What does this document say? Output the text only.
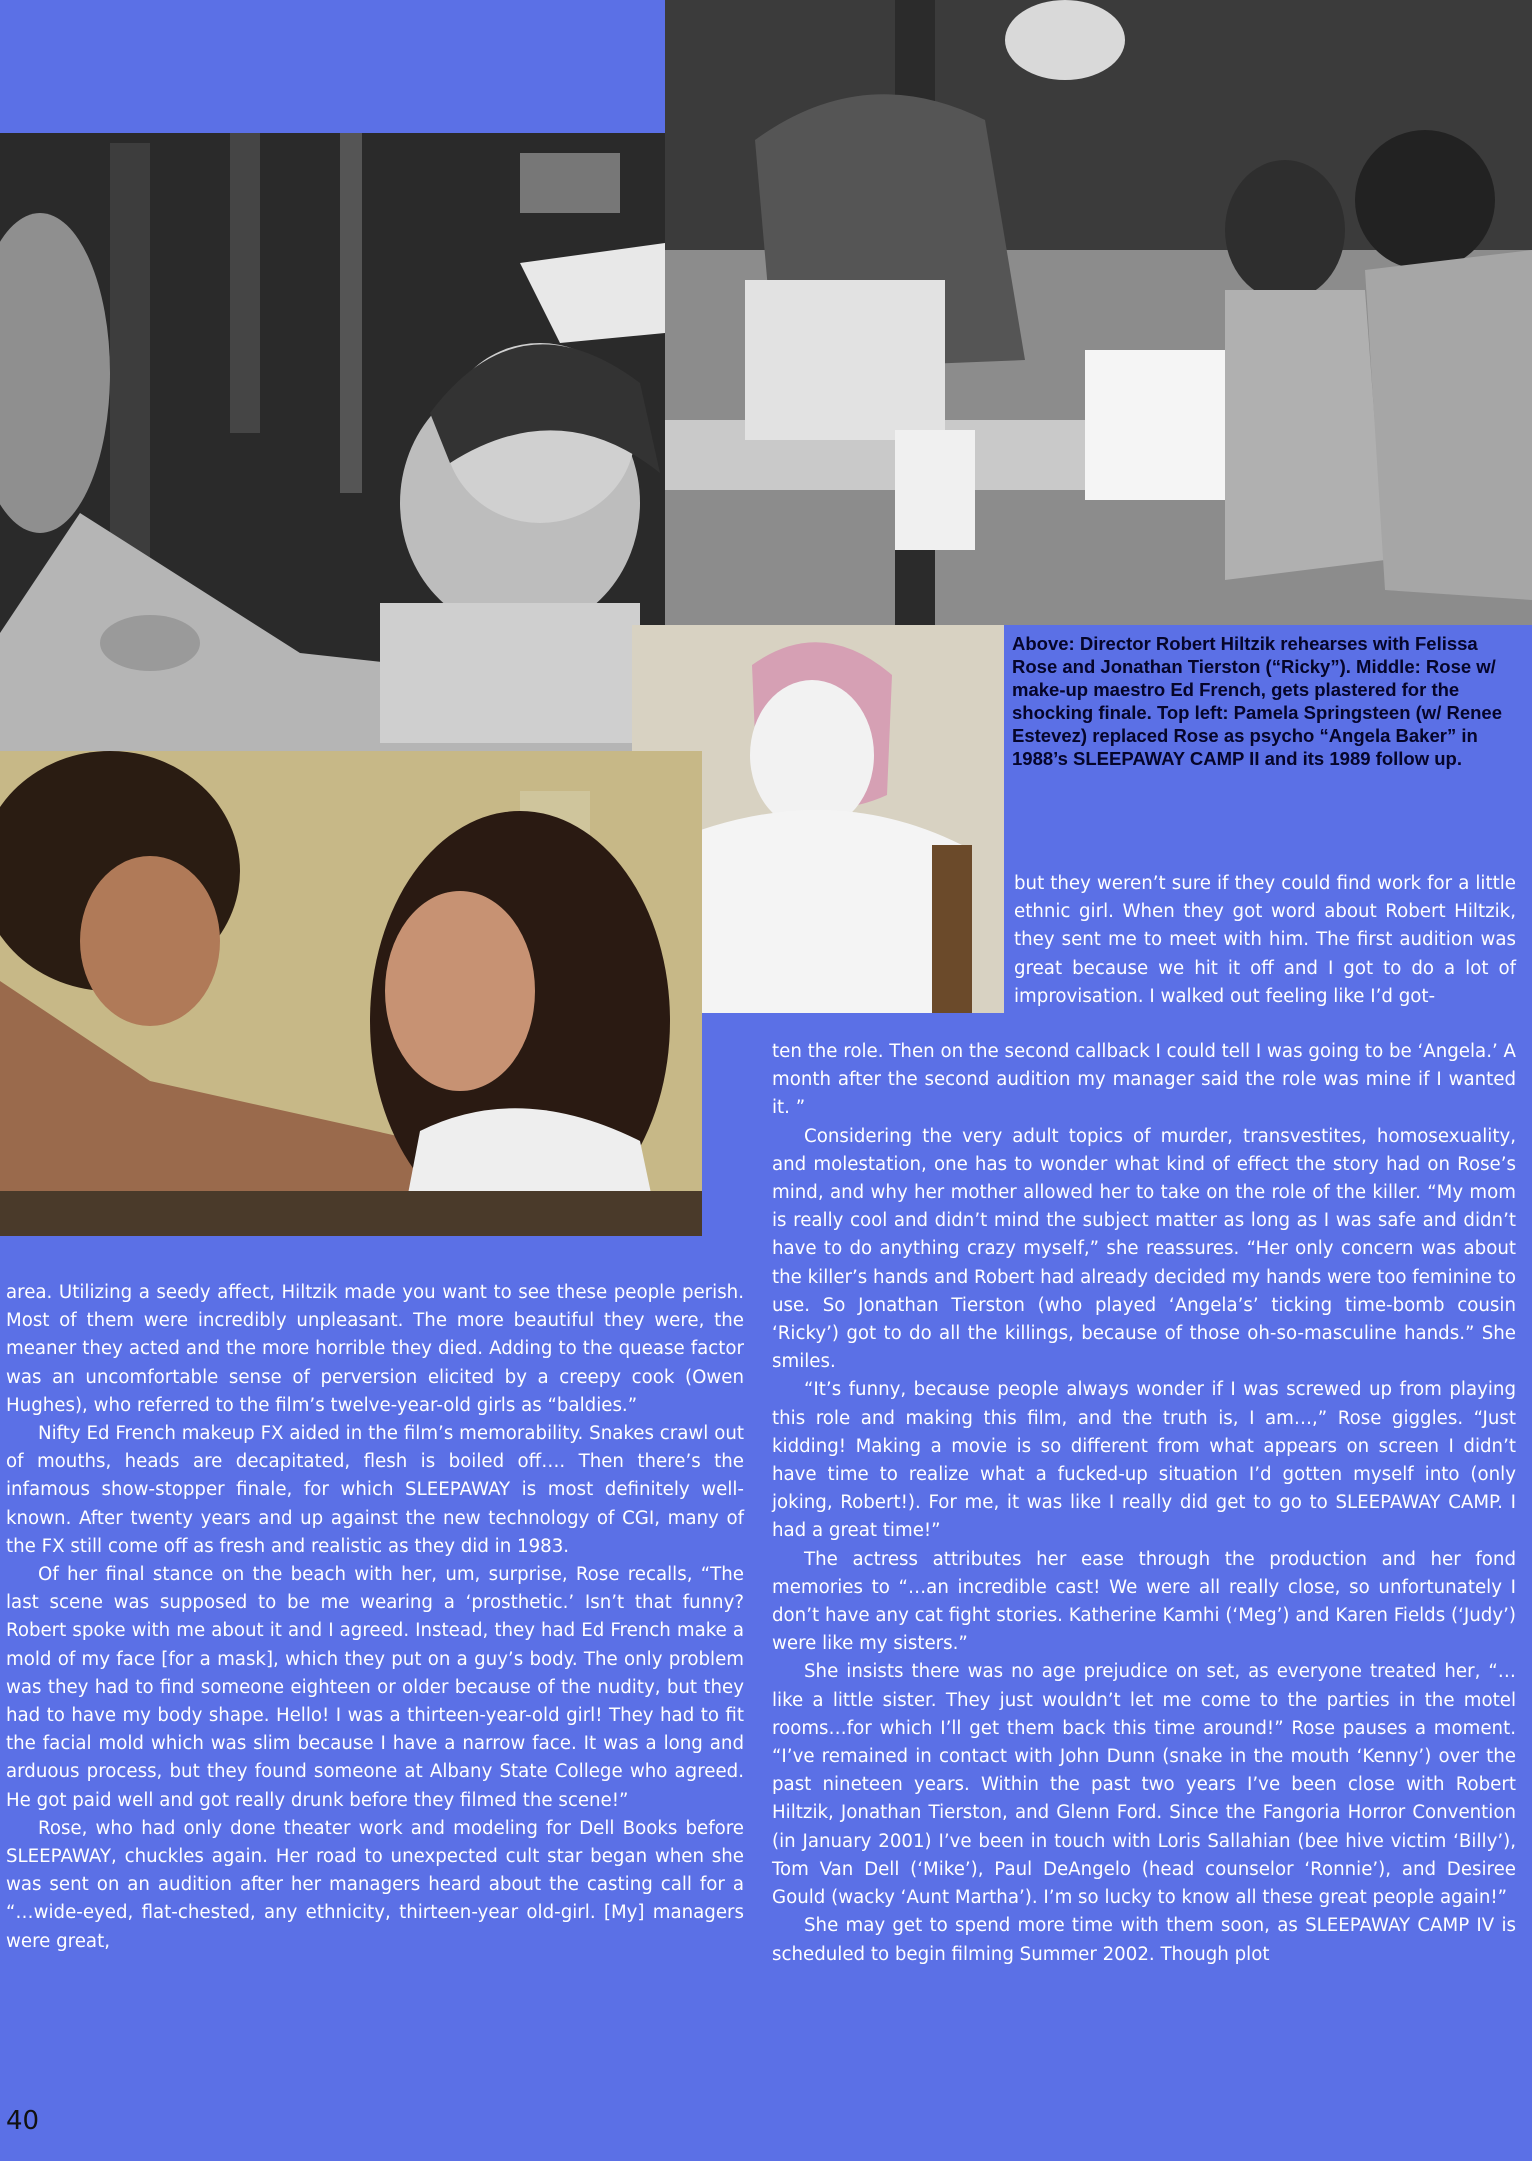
Above: Director Robert Hiltzik rehearses with Felissa Rose and Jonathan Tierston (“Ricky”). Middle: Rose w/ make-up maestro Ed French, gets plastered for the shocking finale. Top left: Pamela Springsteen (w/ Renee Estevez) replaced Rose as psycho “Angela Baker” in 1988’s SLEEPAWAY CAMP II and its 1989 follow up.

but they weren’t sure if they could find work for a little ethnic girl. When they got word about Robert Hiltzik, they sent me to meet with him. The first audition was great because we hit it off and I got to do a lot of improvisation. I walked out feeling like I’d got-

area. Utilizing a seedy affect, Hiltzik made you want to see these people perish. Most of them were incredibly unpleasant. The more beautiful they were, the meaner they acted and the more horrible they died. Adding to the quease factor was an uncomfortable sense of perversion elicited by a creepy cook (Owen Hughes), who referred to the film’s twelve-year-old girls as “baldies.”

Nifty Ed French makeup FX aided in the film’s memorability. Snakes crawl out of mouths, heads are decapitated, flesh is boiled off…. Then there’s the infamous show-stopper finale, for which SLEEPAWAY is most definitely well-known. After twenty years and up against the new technology of CGI, many of the FX still come off as fresh and realistic as they did in 1983.

Of her final stance on the beach with her, um, surprise, Rose recalls, “The last scene was supposed to be me wearing a ‘prosthetic.’ Isn’t that funny? Robert spoke with me about it and I agreed. Instead, they had Ed French make a mold of my face [for a mask], which they put on a guy’s body. The only problem was they had to find someone eighteen or older because of the nudity, but they had to have my body shape. Hello! I was a thirteen-year-old girl! They had to fit the facial mold which was slim because I have a narrow face. It was a long and arduous process, but they found someone at Albany State College who agreed. He got paid well and got really drunk before they filmed the scene!”

Rose, who had only done theater work and modeling for Dell Books before SLEEPAWAY, chuckles again. Her road to unexpected cult star began when she was sent on an audition after her managers heard about the casting call for a “…wide-eyed, flat-chested, any ethnicity, thirteen-year old-girl. [My] managers were great,

ten the role. Then on the second callback I could tell I was going to be ‘Angela.’ A month after the second audition my manager said the role was mine if I wanted it. ”

Considering the very adult topics of murder, transvestites, homosexuality, and molestation, one has to wonder what kind of effect the story had on Rose’s mind, and why her mother allowed her to take on the role of the killer. “My mom is really cool and didn’t mind the subject matter as long as I was safe and didn’t have to do anything crazy myself,” she reassures. “Her only concern was about the killer’s hands and Robert had already decided my hands were too feminine to use. So Jonathan Tierston (who played ‘Angela’s’ ticking time-bomb cousin ‘Ricky’) got to do all the killings, because of those oh-so-masculine hands.” She smiles.

“It’s funny, because people always wonder if I was screwed up from playing this role and making this film, and the truth is, I am…,” Rose giggles. “Just kidding! Making a movie is so different from what appears on screen I didn’t have time to realize what a fucked-up situation I’d gotten myself into (only joking, Robert!). For me, it was like I really did get to go to SLEEPAWAY CAMP. I had a great time!”

The actress attributes her ease through the production and her fond memories to “…an incredible cast! We were all really close, so unfortunately I don’t have any cat fight stories. Katherine Kamhi (‘Meg’) and Karen Fields (‘Judy’) were like my sisters.”

She insists there was no age prejudice on set, as everyone treated her, “…like a little sister. They just wouldn’t let me come to the parties in the motel rooms…for which I’ll get them back this time around!” Rose pauses a moment. “I’ve remained in contact with John Dunn (snake in the mouth ‘Kenny’) over the past nineteen years. Within the past two years I’ve been close with Robert Hiltzik, Jonathan Tierston, and Glenn Ford. Since the Fangoria Horror Convention (in January 2001) I’ve been in touch with Loris Sallahian (bee hive victim ‘Billy’), Tom Van Dell (‘Mike’), Paul DeAngelo (head counselor ‘Ronnie’), and Desiree Gould (wacky ‘Aunt Martha’). I’m so lucky to know all these great people again!”

She may get to spend more time with them soon, as SLEEPAWAY CAMP IV is scheduled to begin filming Summer 2002. Though plot

40
